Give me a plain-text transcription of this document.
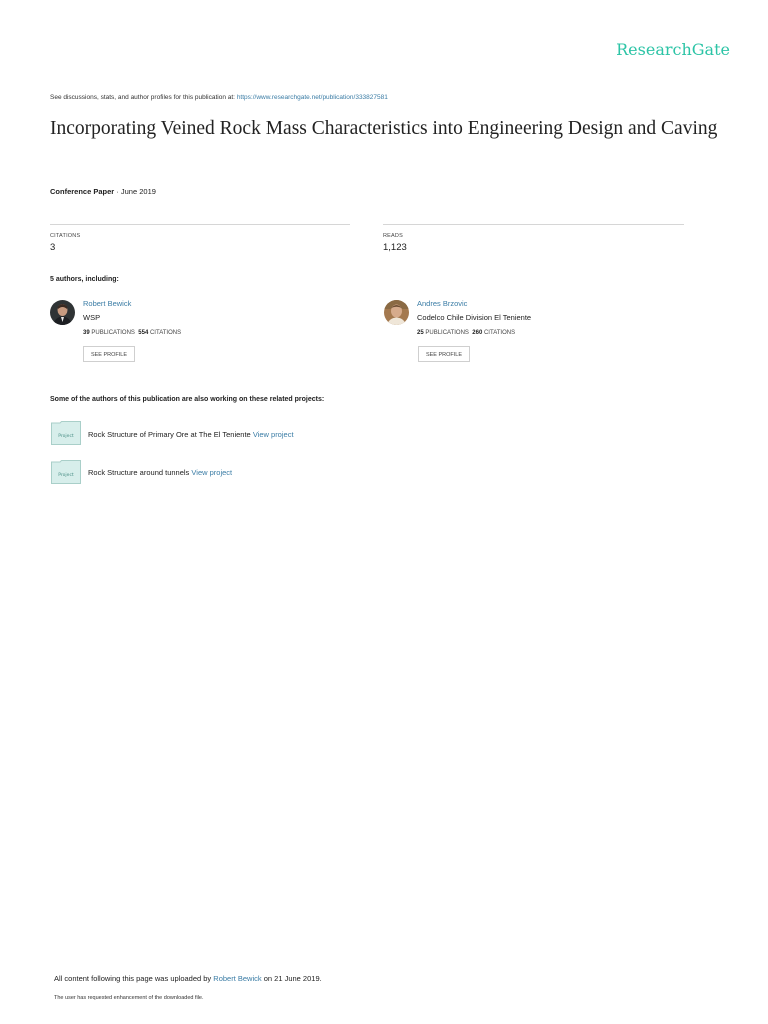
ResearchGate
See discussions, stats, and author profiles for this publication at: https://www.researchgate.net/publication/333827581
Incorporating Veined Rock Mass Characteristics into Engineering Design and Caving
Conference Paper · June 2019
CITATIONS
3
READS
1,123
5 authors, including:
Robert Bewick
WSP
39 PUBLICATIONS 554 CITATIONS
SEE PROFILE
Andres Brzovic
Codelco Chile Division El Teniente
25 PUBLICATIONS 260 CITATIONS
SEE PROFILE
Some of the authors of this publication are also working on these related projects:
Project Rock Structure of Primary Ore at The El Teniente View project
Project Rock Structure around tunnels View project
All content following this page was uploaded by Robert Bewick on 21 June 2019.
The user has requested enhancement of the downloaded file.
